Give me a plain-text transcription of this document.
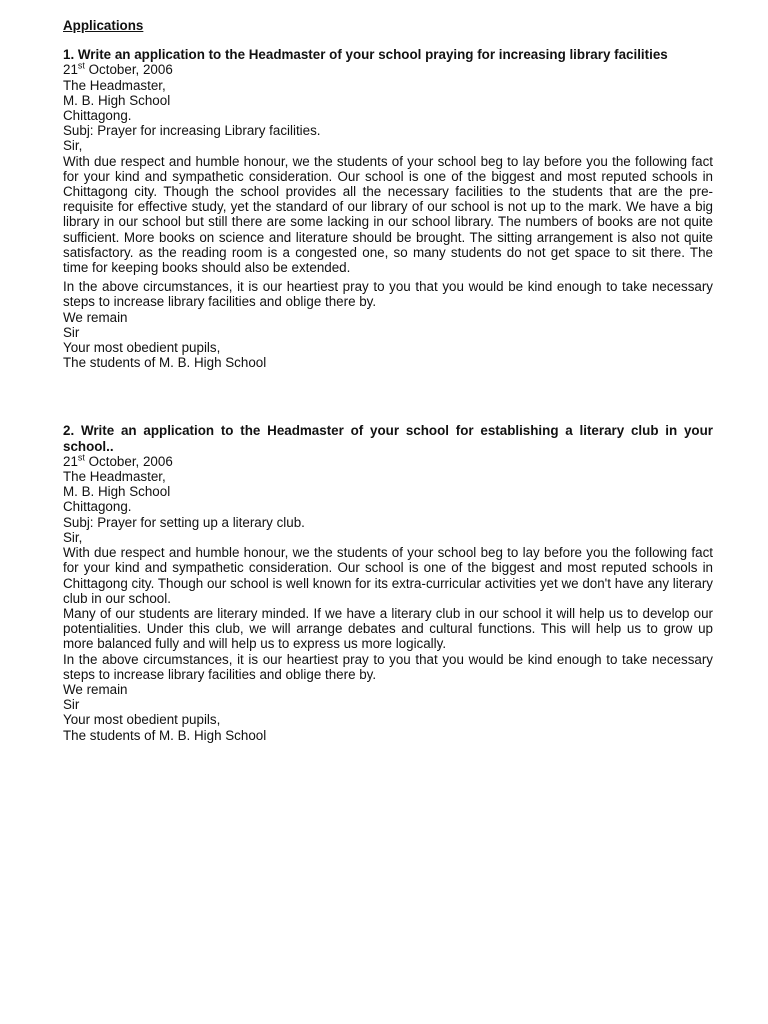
Applications

1. Write an application to the Headmaster of your school praying for increasing library facilities

21st October, 2006

The Headmaster,

M. B. High School

Chittagong.

Subj: Prayer for increasing Library facilities.

Sir,

With due respect and humble honour, we the students of your school beg to lay before you the following fact for your kind and sympathetic consideration. Our school is one of the biggest and most reputed schools in Chittagong city. Though the school provides all the necessary facilities to the students that are the pre-requisite for effective study, yet the standard of our library of our school is not up to the mark. We have a big library in our school but still there are some lacking in our school library. The numbers of books are not quite sufficient. More books on science and literature should be brought. The sitting arrangement is also not quite satisfactory. as the reading room is a congested one, so many students do not get space to sit there. The time for keeping books should also be extended.

In the above circumstances, it is our heartiest pray to you that you would be kind enough to take necessary steps to increase library facilities and oblige there by.

We remain

Sir

Your most obedient pupils,

The students of M. B. High School

2. Write an application to the Headmaster of your school for establishing a literary club in your school..

21st October, 2006

The Headmaster,

M. B. High School

Chittagong.

Subj: Prayer for setting up a literary club.

Sir,

With due respect and humble honour, we the students of your school beg to lay before you the following fact for your kind and sympathetic consideration. Our school is one of the biggest and most reputed schools in Chittagong city. Though our school is well known for its extra-curricular activities yet we don't have any literary club in our school.

Many of our students are literary minded. If we have a literary club in our school it will help us to develop our potentialities. Under this club, we will arrange debates and cultural functions. This will help us to grow up more balanced fully and will help us to express us more logically.

In the above circumstances, it is our heartiest pray to you that you would be kind enough to take necessary steps to increase library facilities and oblige there by.

We remain

Sir

Your most obedient pupils,

The students of M. B. High School
